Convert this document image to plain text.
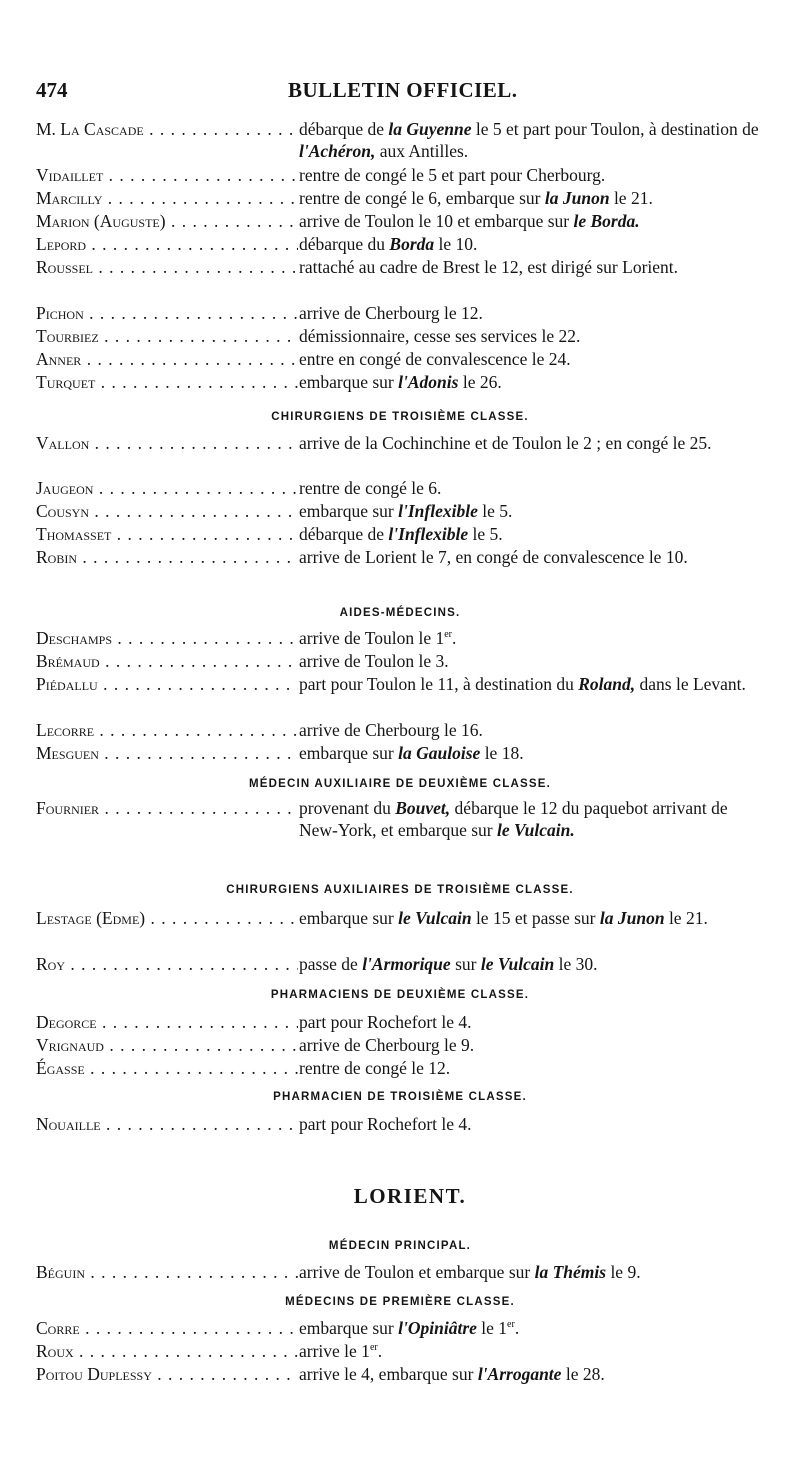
474	BULLETIN OFFICIEL.
M. La Cascade . . .	débarque de la Guyenne le 5 et part pour Toulon, à destination de l'Achéron, aux Antilles.
Vidaillet . . .	rentre de congé le 5 et part pour Cherbourg.
Marcilly . . .	rentre de congé le 6, embarque sur la Junon le 21.
Marion (Auguste) . . .	arrive de Toulon le 10 et embarque sur le Borda.
Lepord . . .	débarque du Borda le 10.
Roussel . . .	rattaché au cadre de Brest le 12, est dirigé sur Lorient.
Pichon . . .	arrive de Cherbourg le 12.
Tourbiez . . .	démissionnaire, cesse ses services le 22.
Anner . . .	entre en congé de convalescence le 24.
Turquet . . .	embarque sur l'Adonis le 26.
CHIRURGIENS DE TROISIÈME CLASSE.
Vallon . . .	arrive de la Cochinchine et de Toulon le 2 ; en congé le 25.
Jaugeon . . .	rentre de congé le 6.
Cousyn . . .	embarque sur l'Inflexible le 5.
Thomasset . . .	débarque de l'Inflexible le 5.
Robin . . .	arrive de Lorient le 7, en congé de convalescence le 10.
AIDES-MÉDECINS.
Deschamps . . .	arrive de Toulon le 1er.
Brémaud . . .	arrive de Toulon le 3.
Piédallu . . .	part pour Toulon le 11, à destination du Roland, dans le Levant.
Lecorre . . .	arrive de Cherbourg le 16.
Mesguen . . .	embarque sur la Gauloise le 18.
MÉDECIN AUXILIAIRE DE DEUXIÈME CLASSE.
Fournier . . .	provenant du Bouvet, débarque le 12 du paquebot arrivant de New-York, et embarque sur le Vulcain.
CHIRURGIENS AUXILIAIRES DE TROISIÈME CLASSE.
Lestage (Edme) . . .	embarque sur le Vulcain le 15 et passe sur la Junon le 21.
Roy . . .	passe de l'Armorique sur le Vulcain le 30.
PHARMACIENS DE DEUXIÈME CLASSE.
Degorce . . .	part pour Rochefort le 4.
Vrignaud . . .	arrive de Cherbourg le 9.
Égasse . . .	rentre de congé le 12.
PHARMACIEN DE TROISIÈME CLASSE.
Nouaille . . .	part pour Rochefort le 4.
LORIENT.
MÉDECIN PRINCIPAL.
Béguin . . .	arrive de Toulon et embarque sur la Thémis le 9.
MÉDECINS DE PREMIÈRE CLASSE.
Corre . . .	embarque sur l'Opiniâtre le 1er.
Roux . . .	arrive le 1er.
Poitou Duplessy . . .	arrive le 4, embarque sur l'Arrogante le 28.
